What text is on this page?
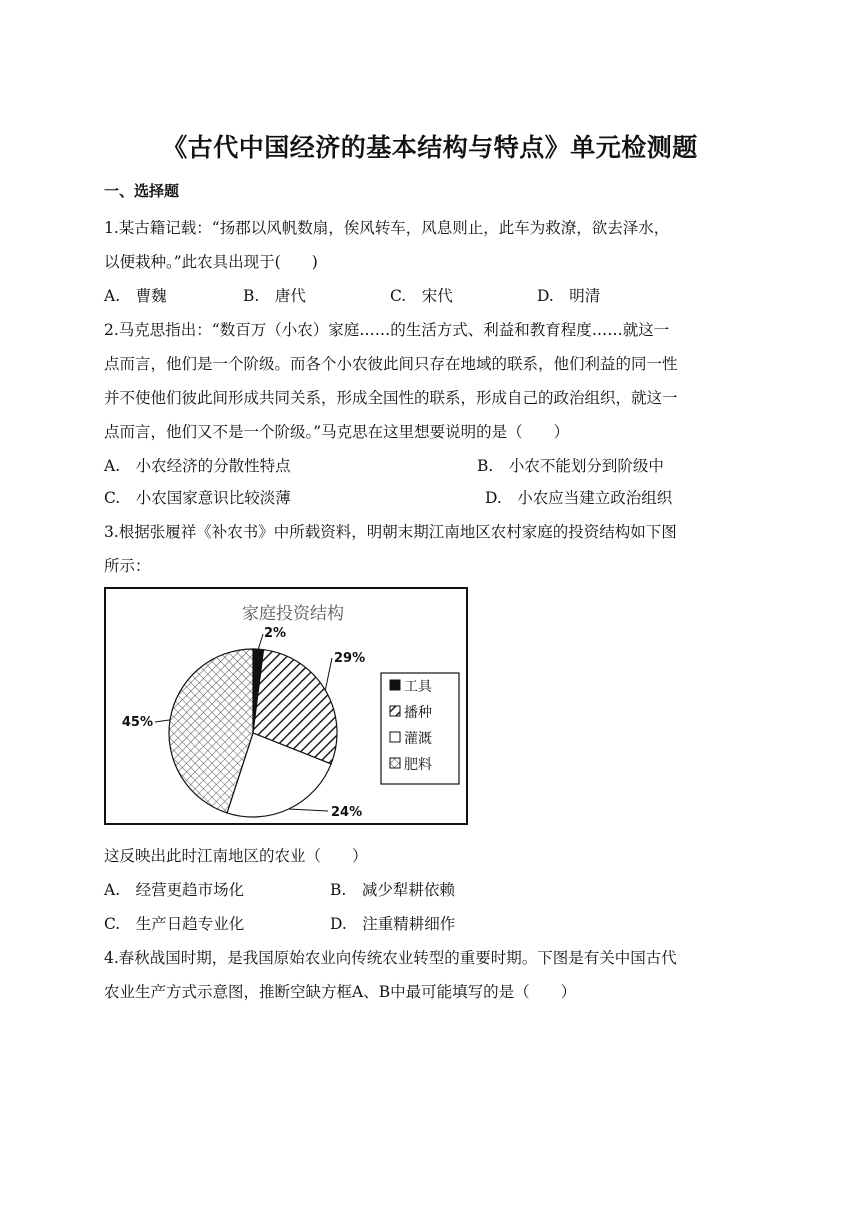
《古代中国经济的基本结构与特点》单元检测题
一、选择题
1.某古籍记载：“扬郡以风帆数扇，俟风转车，风息则止，此车为救潦，欲去泽水，
以便栽种。”此农具出现于(　　)
A.　曹魏	B.　唐代	C.　宋代	D.　明清
2.马克思指出：“数百万（小农）家庭……的生活方式、利益和教育程度……就这一
点而言，他们是一个阶级。而各个小农彼此间只存在地域的联系，他们利益的同一性
并不使他们彼此间形成共同关系，形成全国性的联系，形成自己的政治组织，就这一
点而言，他们又不是一个阶级。”马克思在这里想要说明的是（　　）
A.　小农经济的分散性特点	B.　小农不能划分到阶级中
C.　小农国家意识比较淡薄	D.　小农应当建立政治组织
3.根据张履祥《补农书》中所载资料，明朝末期江南地区农村家庭的投资结构如下图
所示：
家庭投资结构
2%
29%
24%
45%
工具
播种
灌溉
肥料
这反映出此时江南地区的农业（　　）
A.　经营更趋市场化	B.　减少犁耕依赖
C.　生产日趋专业化	D.　注重精耕细作
4.春秋战国时期，是我国原始农业向传统农业转型的重要时期。下图是有关中国古代
农业生产方式示意图，推断空缺方框A、B中最可能填写的是（　　）
